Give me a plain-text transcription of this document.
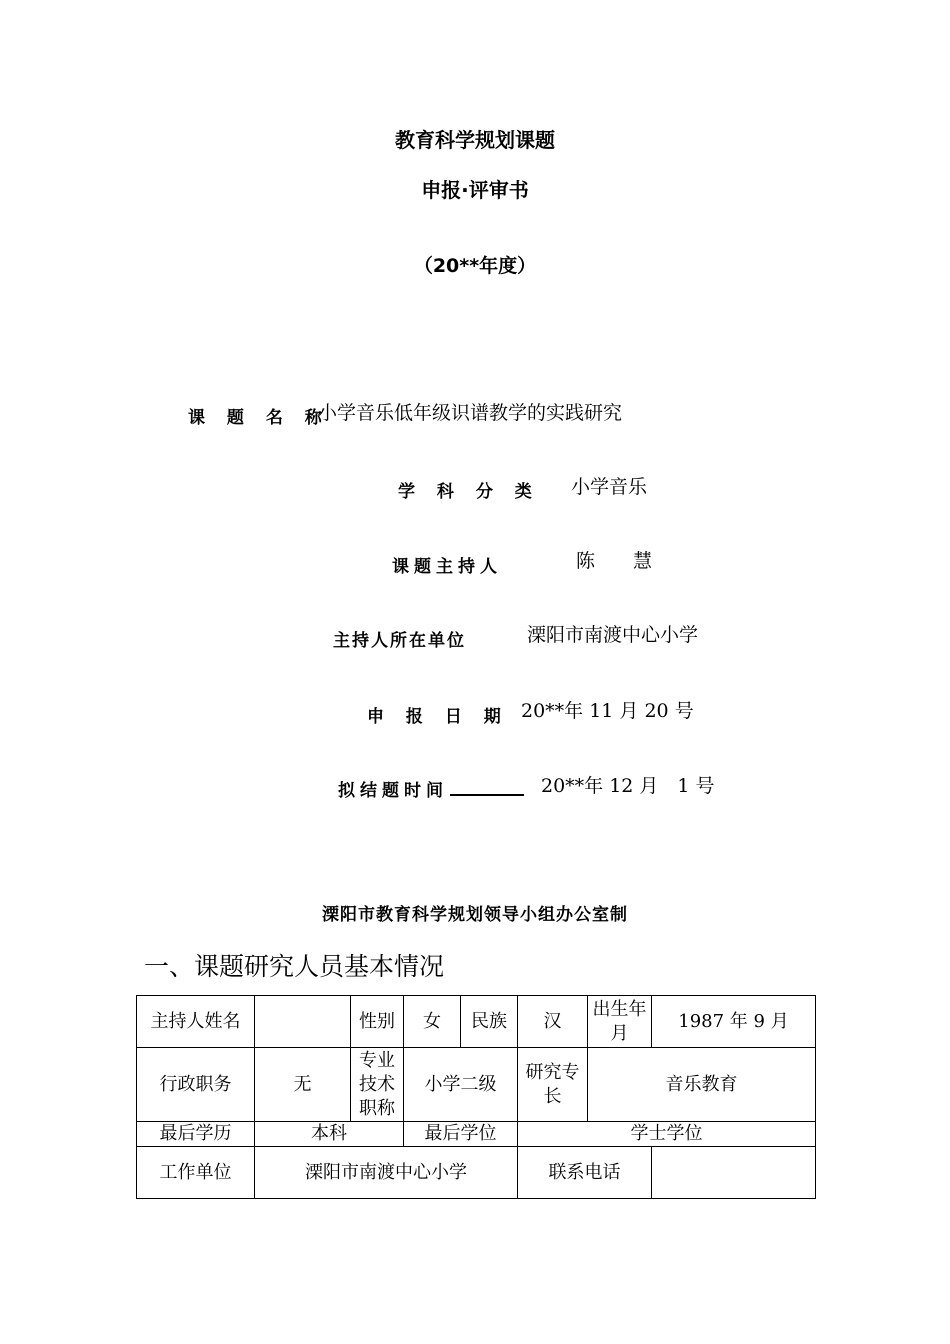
教育科学规划课题
申报·评审书
（20**年度）
课 题 名 称
小学音乐低年级识谱教学的实践研究
学 科 分 类 小学音乐
课题主持人	陈　　慧
主持人所在单位	溧阳市南渡中心小学
申 报 日 期 20**年 11 月 20 号
拟结题时间	20**年 12 月　1 号
溧阳市教育科学规划领导小组办公室制
一、课题研究人员基本情况
主持人姓名		性别	女	民族	汉	出生年月	1987 年 9 月
行政职务	无	专业技术职称	小学二级		研究专长	音乐教育	
最后学历	本科		最后学位		学士学位		
工作单位	溧阳市南渡中心小学				联系电话		
